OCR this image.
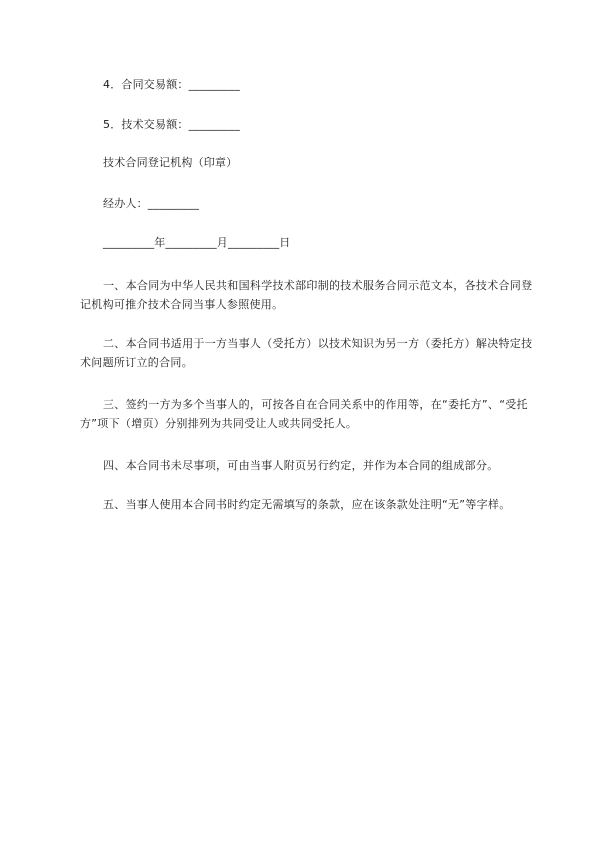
4．合同交易额：_________
5．技术交易额：_________
技术合同登记机构（印章）
经办人：_________
_________年_________月_________日
一、本合同为中华人民共和国科学技术部印制的技术服务合同示范文本，各技术合同登记机构可推介技术合同当事人参照使用。
二、本合同书适用于一方当事人（受托方）以技术知识为另一方（委托方）解决特定技术问题所订立的合同。
三、签约一方为多个当事人的，可按各自在合同关系中的作用等，在“委托方”、“受托方”项下（增页）分别排列为共同受让人或共同受托人。
四、本合同书未尽事项，可由当事人附页另行约定，并作为本合同的组成部分。
五、当事人使用本合同书时约定无需填写的条款，应在该条款处注明“无”等字样。
